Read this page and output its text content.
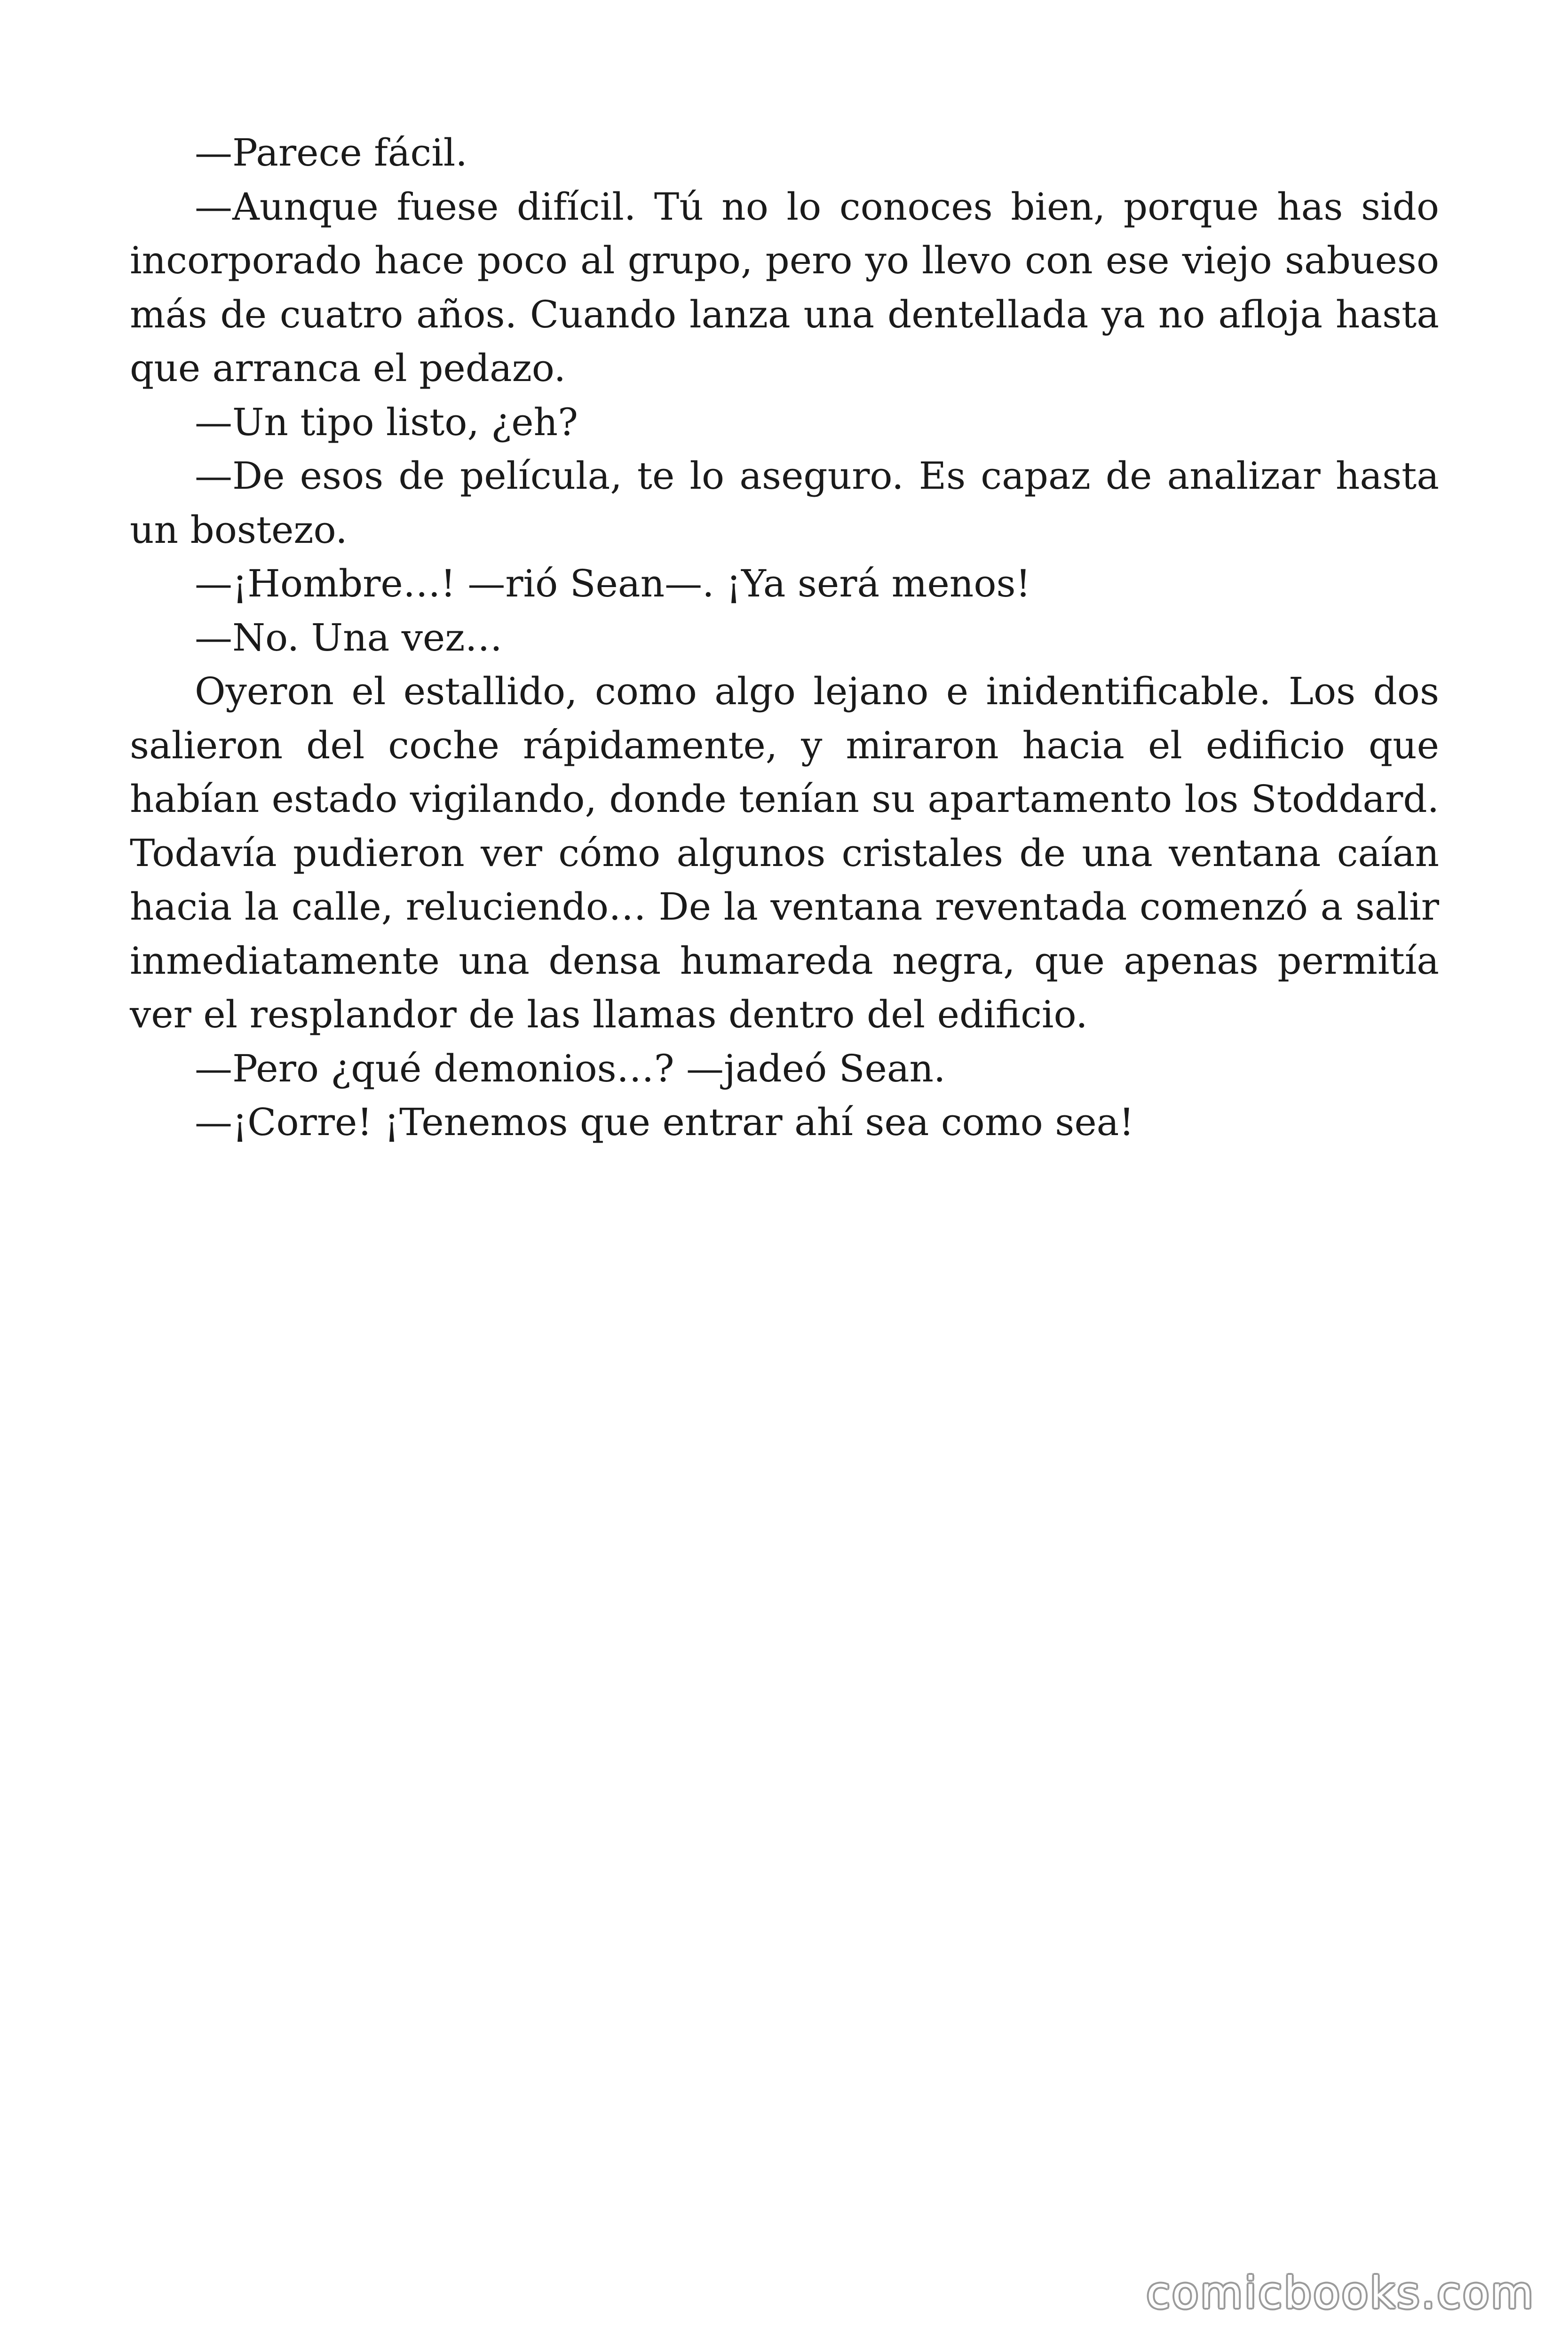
—Parece fácil.

—Aunque fuese difícil. Tú no lo conoces bien, porque has sido incorporado hace poco al grupo, pero yo llevo con ese viejo sabueso más de cuatro años. Cuando lanza una dentellada ya no afloja hasta que arranca el pedazo.

—Un tipo listo, ¿eh?

—De esos de película, te lo aseguro. Es capaz de analizar hasta un bostezo.

—¡Hombre…! —rió Sean—. ¡Ya será menos!

—No. Una vez…

Oyeron el estallido, como algo lejano e inidentificable. Los dos salieron del coche rápidamente, y miraron hacia el edificio que habían estado vigilando, donde tenían su apartamento los Stoddard. Todavía pudieron ver cómo algunos cristales de una ventana caían hacia la calle, reluciendo… De la ventana reventada comenzó a salir inmediatamente una densa humareda negra, que apenas permitía ver el resplandor de las llamas dentro del edificio.

—Pero ¿qué demonios…? —jadeó Sean.

—¡Corre! ¡Tenemos que entrar ahí sea como sea!

comicbooks.com
